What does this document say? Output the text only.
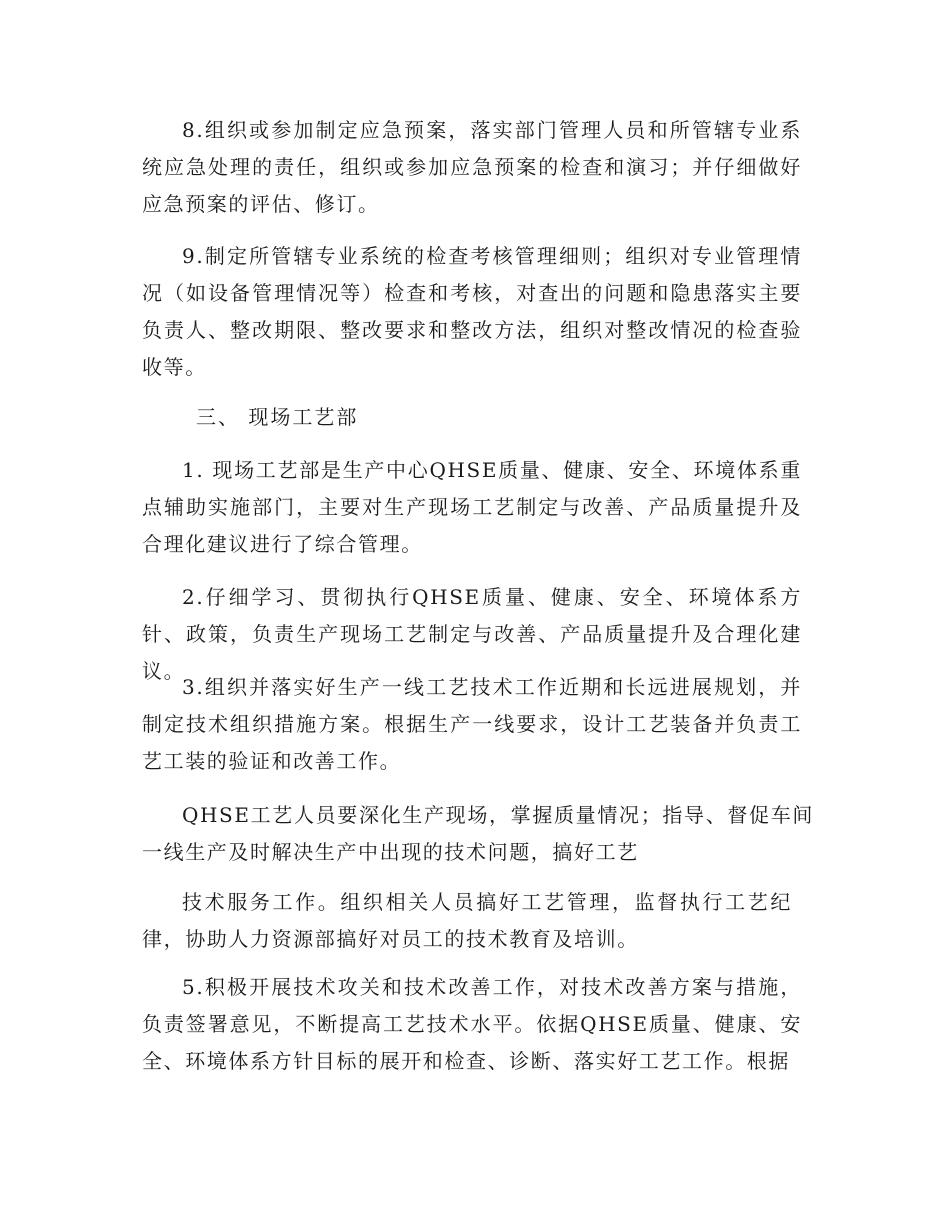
8.组织或参加制定应急预案，落实部门管理人员和所管辖专业系统应急处理的责任，组织或参加应急预案的检查和演习；并仔细做好应急预案的评估、修订。

9.制定所管辖专业系统的检查考核管理细则；组织对专业管理情况（如设备管理情况等）检查和考核，对查出的问题和隐患落实主要负责人、整改期限、整改要求和整改方法，组织对整改情况的检查验收等。

三、 现场工艺部

1. 现场工艺部是生产中心QHSE质量、健康、安全、环境体系重点辅助实施部门，主要对生产现场工艺制定与改善、产品质量提升及合理化建议进行了综合管理。

2.仔细学习、贯彻执行QHSE质量、健康、安全、环境体系方针、政策，负责生产现场工艺制定与改善、产品质量提升及合理化建议。

3.组织并落实好生产一线工艺技术工作近期和长远进展规划，并制定技术组织措施方案。根据生产一线要求，设计工艺装备并负责工艺工装的验证和改善工作。

QHSE工艺人员要深化生产现场，掌握质量情况；指导、督促车间一线生产及时解决生产中出现的技术问题，搞好工艺

技术服务工作。组织相关人员搞好工艺管理，监督执行工艺纪律，协助人力资源部搞好对员工的技术教育及培训。

5.积极开展技术攻关和技术改善工作，对技术改善方案与措施，负责签署意见，不断提高工艺技术水平。依据QHSE质量、健康、安全、环境体系方针目标的展开和检查、诊断、落实好工艺工作。根据
